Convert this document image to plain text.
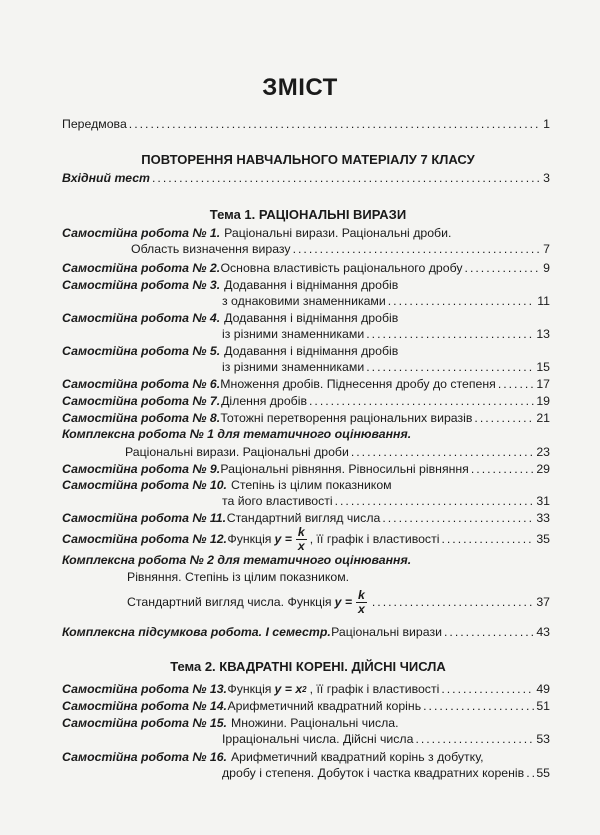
ЗМІСТ
Передмова .....	1
ПОВТОРЕННЯ НАВЧАЛЬНОГО МАТЕРІАЛУ 7 КЛАСУ
Вхідний тест .....	3
Тема 1. РАЦІОНАЛЬНІ ВИРАЗИ
Самостійна робота № 1. Раціональні вирази. Раціональні дроби.
Область визначення виразу .....	7
Самостійна робота № 2. Основна властивість раціонального дробу .....	9
Самостійна робота № 3. Додавання і віднімання дробів
з однаковими знаменниками .....	11
Самостійна робота № 4. Додавання і віднімання дробів
із різними знаменниками .....	13
Самостійна робота № 5. Додавання і віднімання дробів
із різними знаменниками .....	15
Самостійна робота № 6. Множення дробів. Піднесення дробу до степеня .....	17
Самостійна робота № 7. Ділення дробів .....	19
Самостійна робота № 8. Тотожні перетворення раціональних виразів .....	21
Комплексна робота № 1 для тематичного оцінювання.
Раціональні вирази. Раціональні дроби .....	23
Самостійна робота № 9. Раціональні рівняння. Рівносильні рівняння .....	29
Самостійна робота № 10. Степінь із цілим показником
та його властивості .....	31
Самостійна робота № 11. Стандартний вигляд числа .....	33
Самостійна робота № 12. Функція $y = \frac{k}{x}$ , її графік і властивості .....	35
Комплексна робота № 2 для тематичного оцінювання.
Рівняння. Степінь із цілим показником.
Стандартний вигляд числа. Функція $y = \frac{k}{x}$ .....	37
Комплексна підсумкова робота. I семестр. Раціональні вирази .....	43
Тема 2. КВАДРАТНІ КОРЕНІ. ДІЙСНІ ЧИСЛА
Самостійна робота № 13. Функція y = x 2 , її графік і властивості .....	49
Самостійна робота № 14. Арифметичний квадратний корінь .....	51
Самостійна робота № 15. Множини. Раціональні числа.
Ірраціональні числа. Дійсні числа .....	53
Самостійна робота № 16. Арифметичний квадратний корінь з добутку,
дробу і степеня. Добуток і частка квадратних коренів ..... 55
